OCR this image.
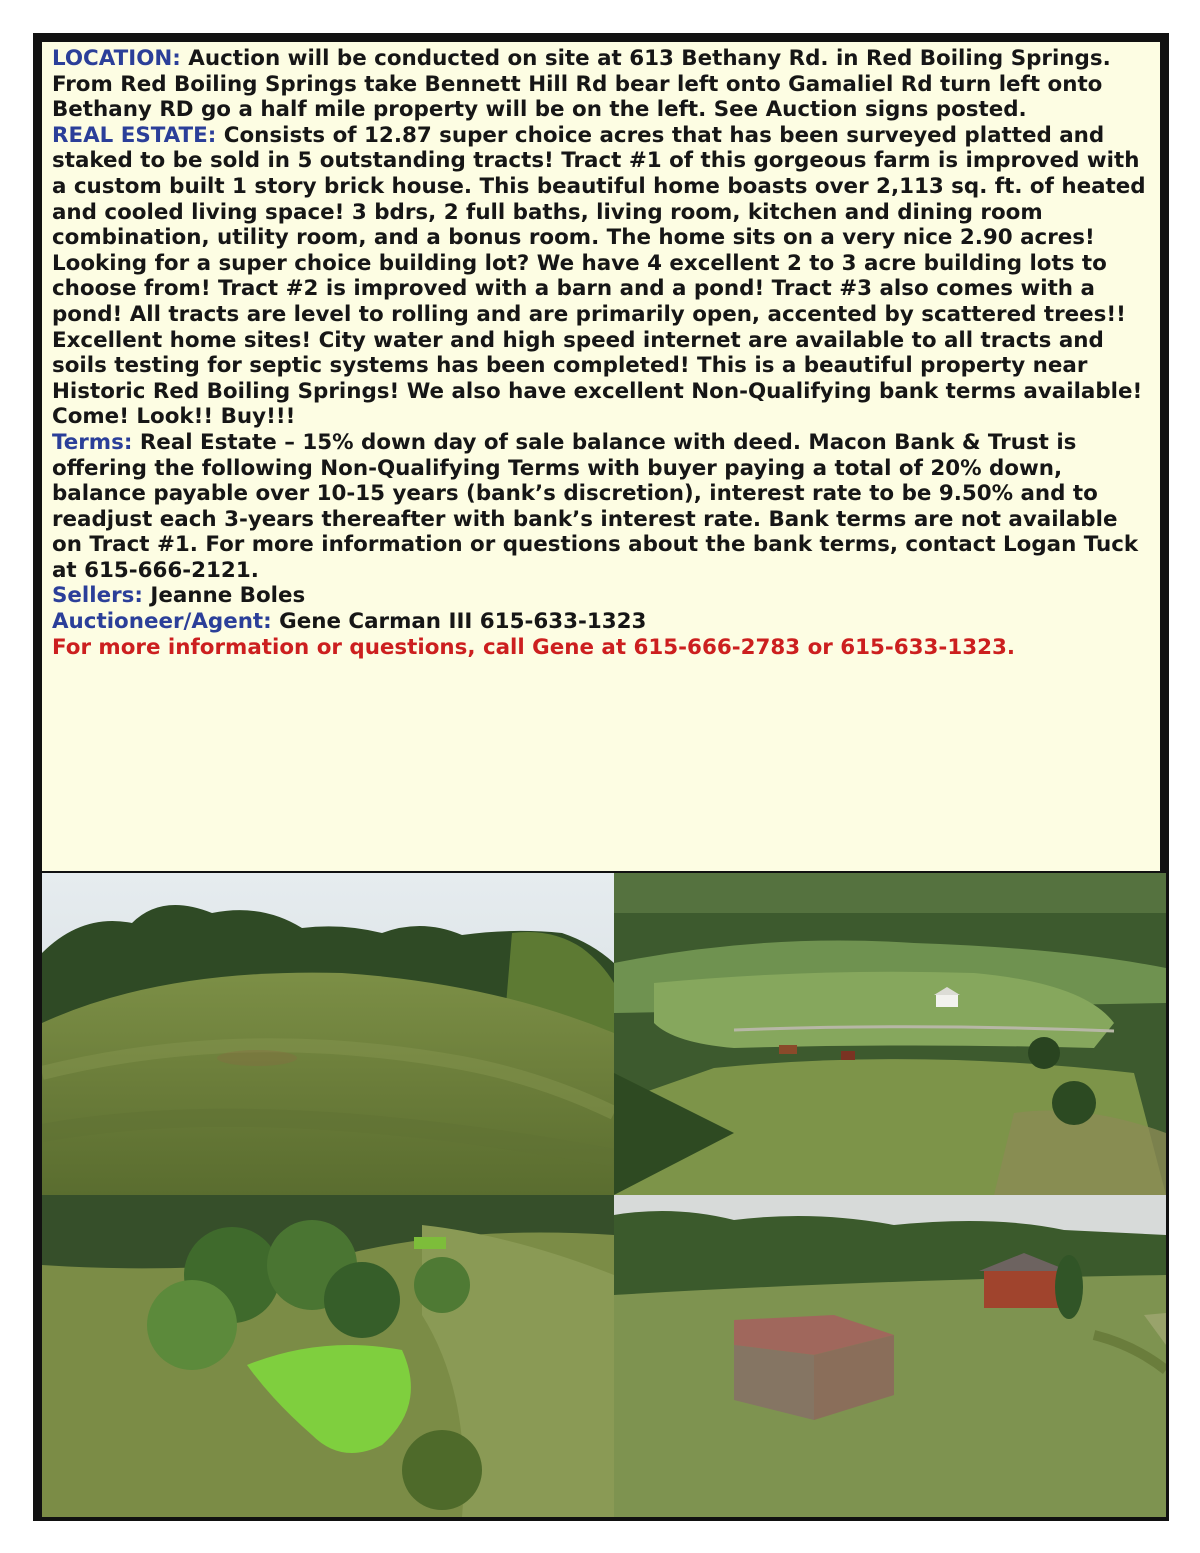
LOCATION: Auction will be conducted on site at 613 Bethany Rd. in Red Boiling Springs. From Red Boiling Springs take Bennett Hill Rd bear left onto Gamaliel Rd turn left onto Bethany RD go a half mile property will be on the left. See Auction signs posted.

REAL ESTATE: Consists of 12.87 super choice acres that has been surveyed platted and staked to be sold in 5 outstanding tracts! Tract #1 of this gorgeous farm is improved with a custom built 1 story brick house. This beautiful home boasts over 2,113 sq. ft. of heated and cooled living space! 3 bdrs, 2 full baths, living room, kitchen and dining room combination, utility room, and a bonus room. The home sits on a very nice 2.90 acres! Looking for a super choice building lot? We have 4 excellent 2 to 3 acre building lots to choose from! Tract #2 is improved with a barn and a pond! Tract #3 also comes with a pond! All tracts are level to rolling and are primarily open, accented by scattered trees!! Excellent home sites! City water and high speed internet are available to all tracts and soils testing for septic systems has been completed! This is a beautiful property near Historic Red Boiling Springs! We also have excellent Non-Qualifying bank terms available! Come! Look!! Buy!!!

Terms: Real Estate – 15% down day of sale balance with deed. Macon Bank & Trust is offering the following Non-Qualifying Terms with buyer paying a total of 20% down, balance payable over 10-15 years (bank’s discretion), interest rate to be 9.50% and to readjust each 3-years thereafter with bank’s interest rate. Bank terms are not available on Tract #1. For more information or questions about the bank terms, contact Logan Tuck at 615-666-2121.

Sellers: Jeanne Boles

Auctioneer/Agent: Gene Carman III 615-633-1323

For more information or questions, call Gene at 615-666-2783 or 615-633-1323.
